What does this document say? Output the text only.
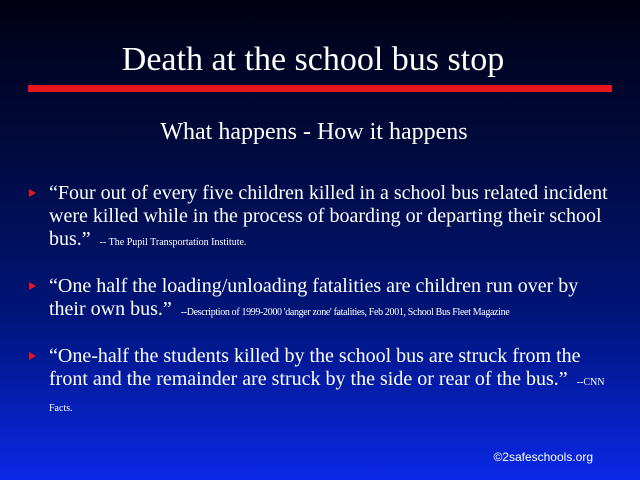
Death at the school bus stop
What happens - How it happens
“Four out of every five children killed in a school bus related incident were killed while in the process of boarding or departing their school bus.” -- The Pupil Transportation Institute.
“One half the loading/unloading fatalities are children run over by their own bus.” --Description of 1999-2000 'danger zone' fatalities, Feb 2001, School Bus Fleet Magazine
“One-half the students killed by the school bus are struck from the front and the remainder are struck by the side or rear of the bus.” --CNN Facts.
©2safeschools.org
